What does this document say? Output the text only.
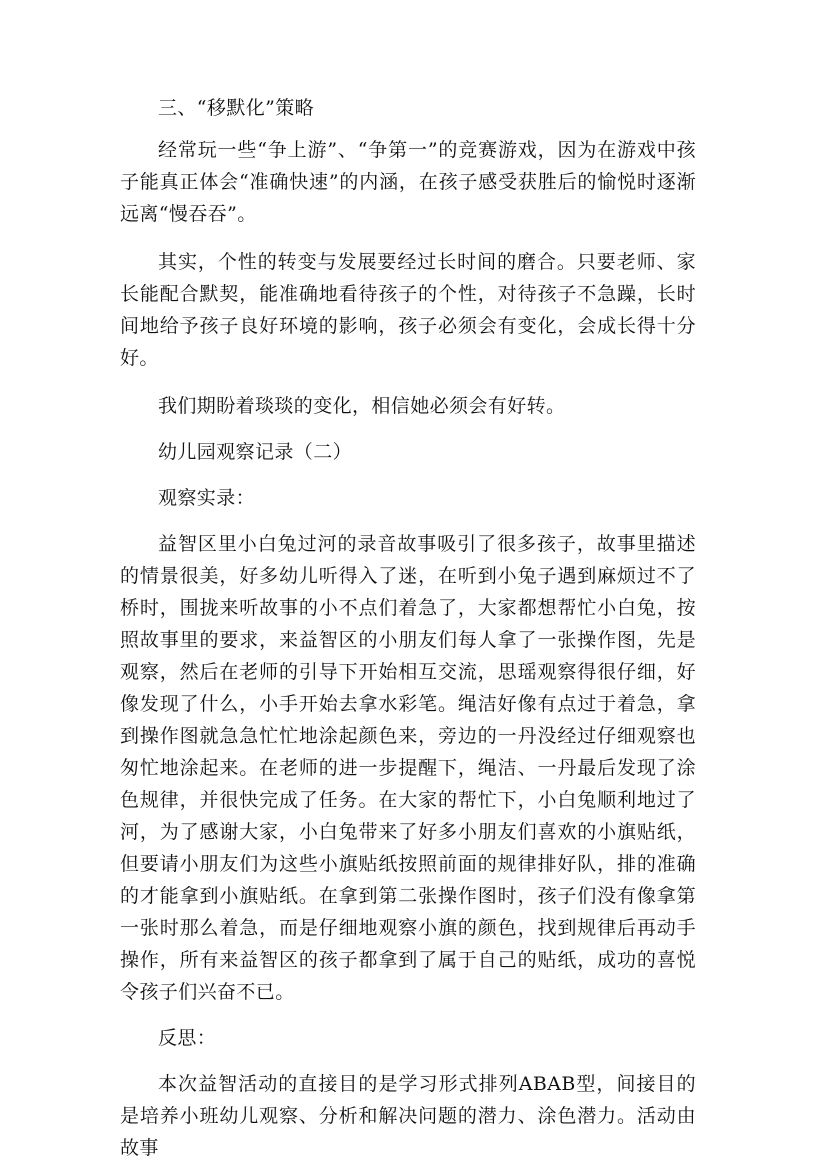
三、“移默化”策略

经常玩一些“争上游”、“争第一”的竞赛游戏，因为在游戏中孩子能真正体会“准确快速”的内涵，在孩子感受获胜后的愉悦时逐渐远离“慢吞吞”。

其实，个性的转变与发展要经过长时间的磨合。只要老师、家长能配合默契，能准确地看待孩子的个性，对待孩子不急躁，长时间地给予孩子良好环境的影响，孩子必须会有变化，会成长得十分好。

我们期盼着琰琰的变化，相信她必须会有好转。

幼儿园观察记录（二）

观察实录：

益智区里小白兔过河的录音故事吸引了很多孩子，故事里描述的情景很美，好多幼儿听得入了迷，在听到小兔子遇到麻烦过不了桥时，围拢来听故事的小不点们着急了，大家都想帮忙小白兔，按照故事里的要求，来益智区的小朋友们每人拿了一张操作图，先是观察，然后在老师的引导下开始相互交流，思瑶观察得很仔细，好像发现了什么，小手开始去拿水彩笔。绳洁好像有点过于着急，拿到操作图就急急忙忙地涂起颜色来，旁边的一丹没经过仔细观察也匆忙地涂起来。在老师的进一步提醒下，绳洁、一丹最后发现了涂色规律，并很快完成了任务。在大家的帮忙下，小白兔顺利地过了河，为了感谢大家，小白兔带来了好多小朋友们喜欢的小旗贴纸，但要请小朋友们为这些小旗贴纸按照前面的规律排好队，排的准确的才能拿到小旗贴纸。在拿到第二张操作图时，孩子们没有像拿第一张时那么着急，而是仔细地观察小旗的颜色，找到规律后再动手操作，所有来益智区的孩子都拿到了属于自己的贴纸，成功的喜悦令孩子们兴奋不已。

反思：

本次益智活动的直接目的是学习形式排列ABAB型，间接目的是培养小班幼儿观察、分析和解决问题的潜力、涂色潜力。活动由故事
